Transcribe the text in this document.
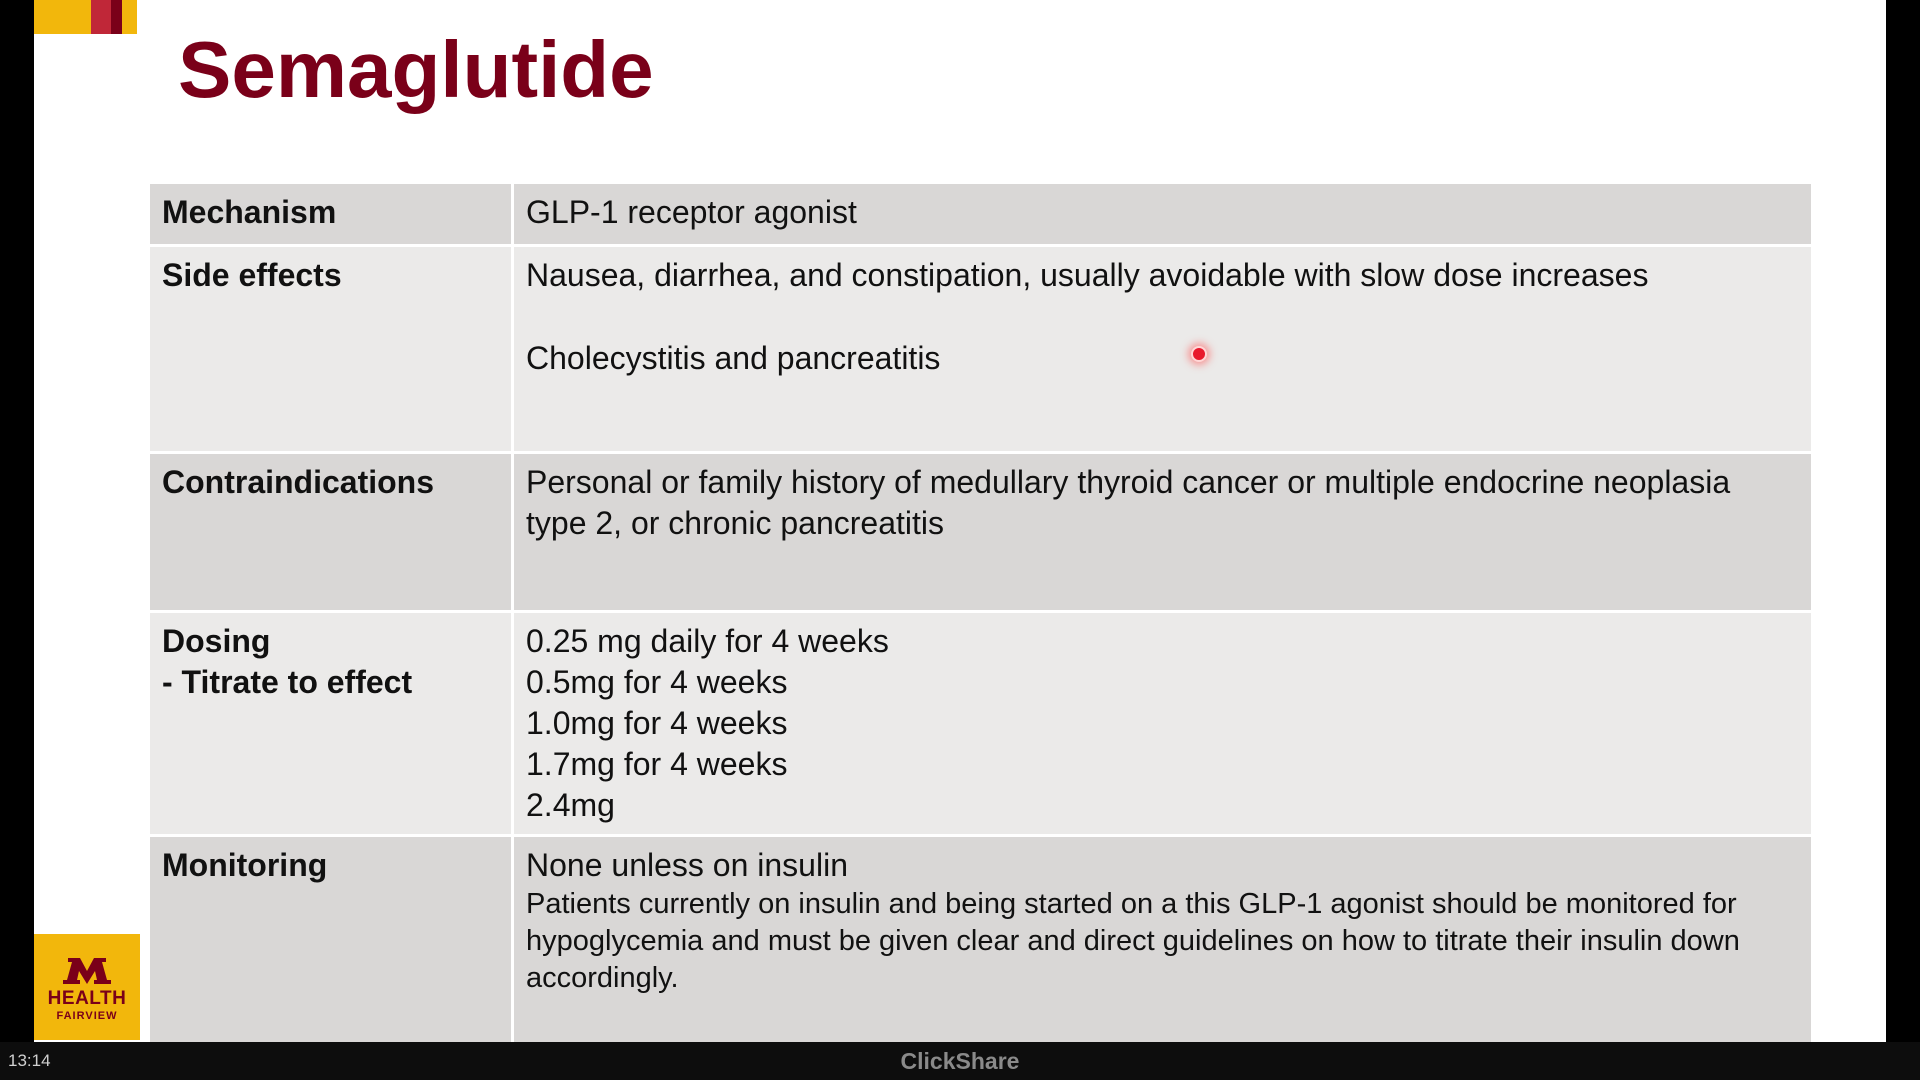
Semaglutide
Mechanism	GLP-1 receptor agonist

Side effects	Nausea, diarrhea, and constipation, usually avoidable with slow dose increases
Cholecystitis and pancreatitis

Contraindications	Personal or family history of medullary thyroid cancer or multiple endocrine neoplasia type 2, or chronic pancreatitis

Dosing
- Titrate to effect	0.25 mg daily for 4 weeks
0.5mg for 4 weeks
1.0mg for 4 weeks
1.7mg for 4 weeks
2.4mg

Monitoring	None unless on insulin
Patients currently on insulin and being started on a this GLP-1 agonist should be monitored for hypoglycemia and must be given clear and direct guidelines on how to titrate their insulin down accordingly.
HEALTH
FAIRVIEW
13:14	ClickShare
